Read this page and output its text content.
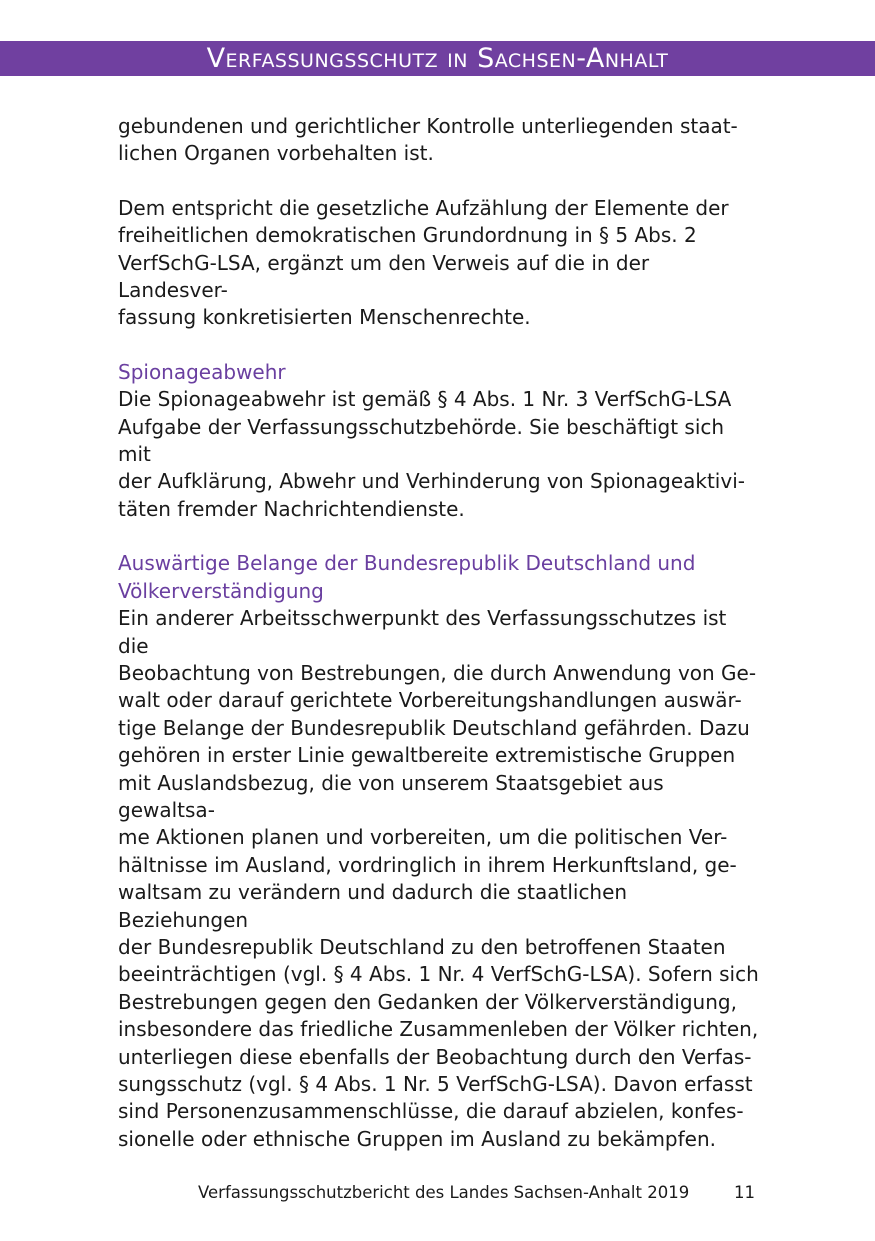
Verfassungsschutz in Sachsen-Anhalt

gebundenen und gerichtlicher Kontrolle unterliegenden staat-
lichen Organen vorbehalten ist.

Dem entspricht die gesetzliche Aufzählung der Elemente der
freiheitlichen demokratischen Grundordnung in § 5 Abs. 2
VerfSchG-LSA, ergänzt um den Verweis auf die in der Landesver-
fassung konkretisierten Menschenrechte.

Spionageabwehr

Die Spionageabwehr ist gemäß § 4 Abs. 1 Nr. 3 VerfSchG-LSA
Aufgabe der Verfassungsschutzbehörde. Sie beschäftigt sich mit
der Aufklärung, Abwehr und Verhinderung von Spionageaktivi-
täten fremder Nachrichtendienste.

Auswärtige Belange der Bundesrepublik Deutschland und
Völkerverständigung

Ein anderer Arbeitsschwerpunkt des Verfassungsschutzes ist die
Beobachtung von Bestrebungen, die durch Anwendung von Ge-
walt oder darauf gerichtete Vorbereitungshandlungen auswär-
tige Belange der Bundesrepublik Deutschland gefährden. Dazu
gehören in erster Linie gewaltbereite extremistische Gruppen
mit Auslandsbezug, die von unserem Staatsgebiet aus gewaltsa-
me Aktionen planen und vorbereiten, um die politischen Ver-
hältnisse im Ausland, vordringlich in ihrem Herkunftsland, ge-
waltsam zu verändern und dadurch die staatlichen Beziehungen
der Bundesrepublik Deutschland zu den betroffenen Staaten
beeinträchtigen (vgl. § 4 Abs. 1 Nr. 4 VerfSchG-LSA). Sofern sich
Bestrebungen gegen den Gedanken der Völkerverständigung,
insbesondere das friedliche Zusammenleben der Völker richten,
unterliegen diese ebenfalls der Beobachtung durch den Verfas-
sungsschutz (vgl. § 4 Abs. 1 Nr. 5 VerfSchG-LSA). Davon erfasst
sind Personenzusammenschlüsse, die darauf abzielen, konfes-
sionelle oder ethnische Gruppen im Ausland zu bekämpfen.

Verfassungsschutzbericht des Landes Sachsen-Anhalt 2019	11
